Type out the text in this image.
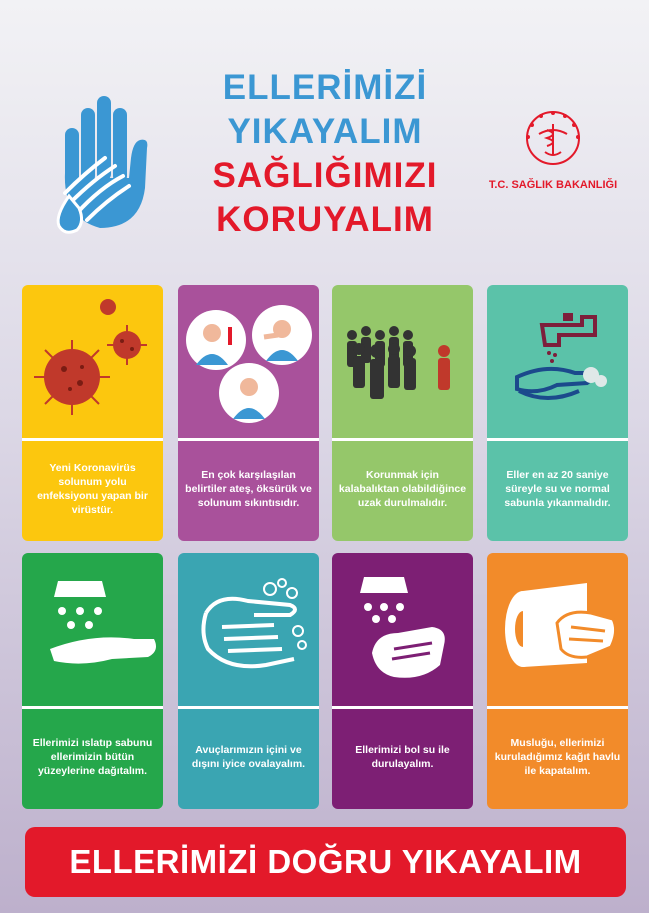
ELLERİMİZİ
YIKAYALIM
SAĞLIĞIMIZI
KORUYALIM
T.C. SAĞLIK BAKANLIĞI
Yeni Koronavirüs solunum yolu enfeksiyonu yapan bir virüstür.
En çok karşılaşılan belirtiler ateş, öksürük ve solunum sıkıntısıdır.
Korunmak için kalabalıktan olabildiğince uzak durulmalıdır.
Eller en az 20 saniye süreyle su ve normal sabunla yıkanmalıdır.
Ellerimizi ıslatıp sabunu ellerimizin bütün yüzeylerine dağıtalım.
Avuçlarımızın içini ve dışını iyice ovalayalım.
Ellerimizi bol su ile durulayalım.
Musluğu, ellerimizi kuruladığımız kağıt havlu ile kapatalım.
ELLERİMİZİ DOĞRU YIKAYALIM
